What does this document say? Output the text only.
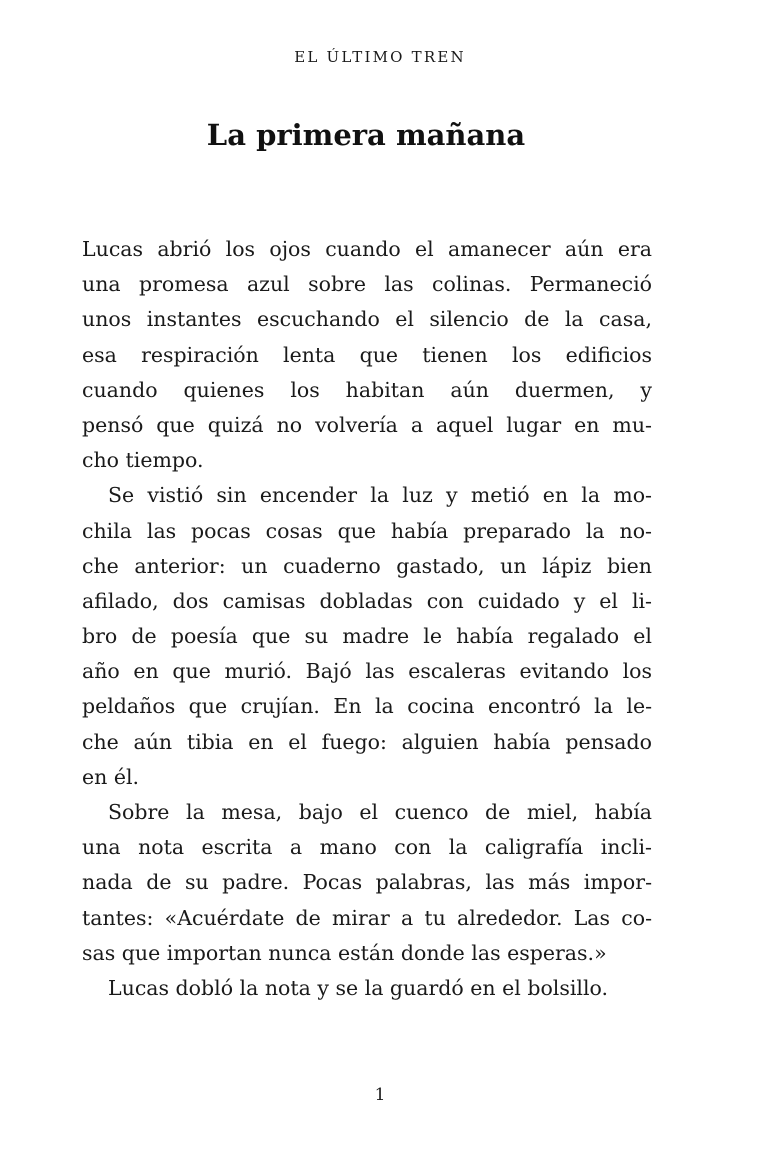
EL ÚLTIMO TREN
La primera mañana
Lucas abrió los ojos cuando el amanecer aún era
una promesa azul sobre las colinas. Permaneció
unos instantes escuchando el silencio de la casa,
esa respiración lenta que tienen los edificios
cuando quienes los habitan aún duermen, y
pensó que quizá no volvería a aquel lugar en mu-
cho tiempo.
Se vistió sin encender la luz y metió en la mo-
chila las pocas cosas que había preparado la no-
che anterior: un cuaderno gastado, un lápiz bien
afilado, dos camisas dobladas con cuidado y el li-
bro de poesía que su madre le había regalado el
año en que murió. Bajó las escaleras evitando los
peldaños que crujían. En la cocina encontró la le-
che aún tibia en el fuego: alguien había pensado
en él.
Sobre la mesa, bajo el cuenco de miel, había
una nota escrita a mano con la caligrafía incli-
nada de su padre. Pocas palabras, las más impor-
tantes: «Acuérdate de mirar a tu alrededor. Las co-
sas que importan nunca están donde las esperas.»
Lucas dobló la nota y se la guardó en el bolsillo.
1
